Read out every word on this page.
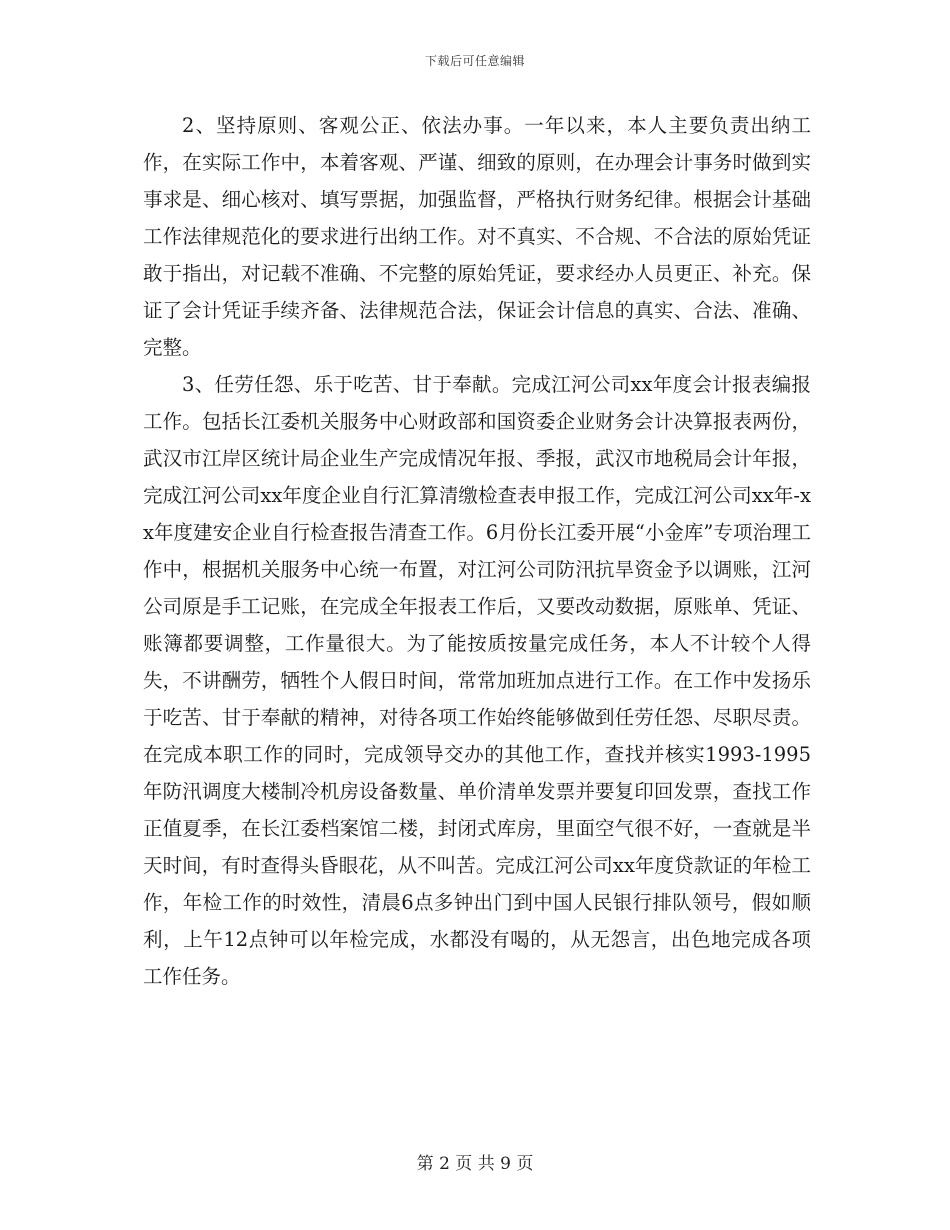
下载后可任意编辑

2、坚持原则、客观公正、依法办事。一年以来，本人主要负责出纳工作，在实际工作中，本着客观、严谨、细致的原则，在办理会计事务时做到实事求是、细心核对、填写票据，加强监督，严格执行财务纪律。根据会计基础工作法律规范化的要求进行出纳工作。对不真实、不合规、不合法的原始凭证敢于指出，对记载不准确、不完整的原始凭证，要求经办人员更正、补充。保证了会计凭证手续齐备、法律规范合法，保证会计信息的真实、合法、准确、完整。

3、任劳任怨、乐于吃苦、甘于奉献。完成江河公司xx年度会计报表编报工作。包括长江委机关服务中心财政部和国资委企业财务会计决算报表两份，武汉市江岸区统计局企业生产完成情况年报、季报，武汉市地税局会计年报，完成江河公司xx年度企业自行汇算清缴检查表申报工作，完成江河公司xx年-xx年度建安企业自行检查报告清查工作。6月份长江委开展“小金库”专项治理工作中，根据机关服务中心统一布置，对江河公司防汛抗旱资金予以调账，江河公司原是手工记账，在完成全年报表工作后，又要改动数据，原账单、凭证、账簿都要调整，工作量很大。为了能按质按量完成任务，本人不计较个人得失，不讲酬劳，牺牲个人假日时间，常常加班加点进行工作。在工作中发扬乐于吃苦、甘于奉献的精神，对待各项工作始终能够做到任劳任怨、尽职尽责。在完成本职工作的同时，完成领导交办的其他工作，查找并核实1993-1995年防汛调度大楼制冷机房设备数量、单价清单发票并要复印回发票，查找工作正值夏季，在长江委档案馆二楼，封闭式库房，里面空气很不好，一查就是半天时间，有时查得头昏眼花，从不叫苦。完成江河公司xx年度贷款证的年检工作，年检工作的时效性，清晨6点多钟出门到中国人民银行排队领号，假如顺利，上午12点钟可以年检完成，水都没有喝的，从无怨言，出色地完成各项工作任务。

第 2 页 共 9 页
